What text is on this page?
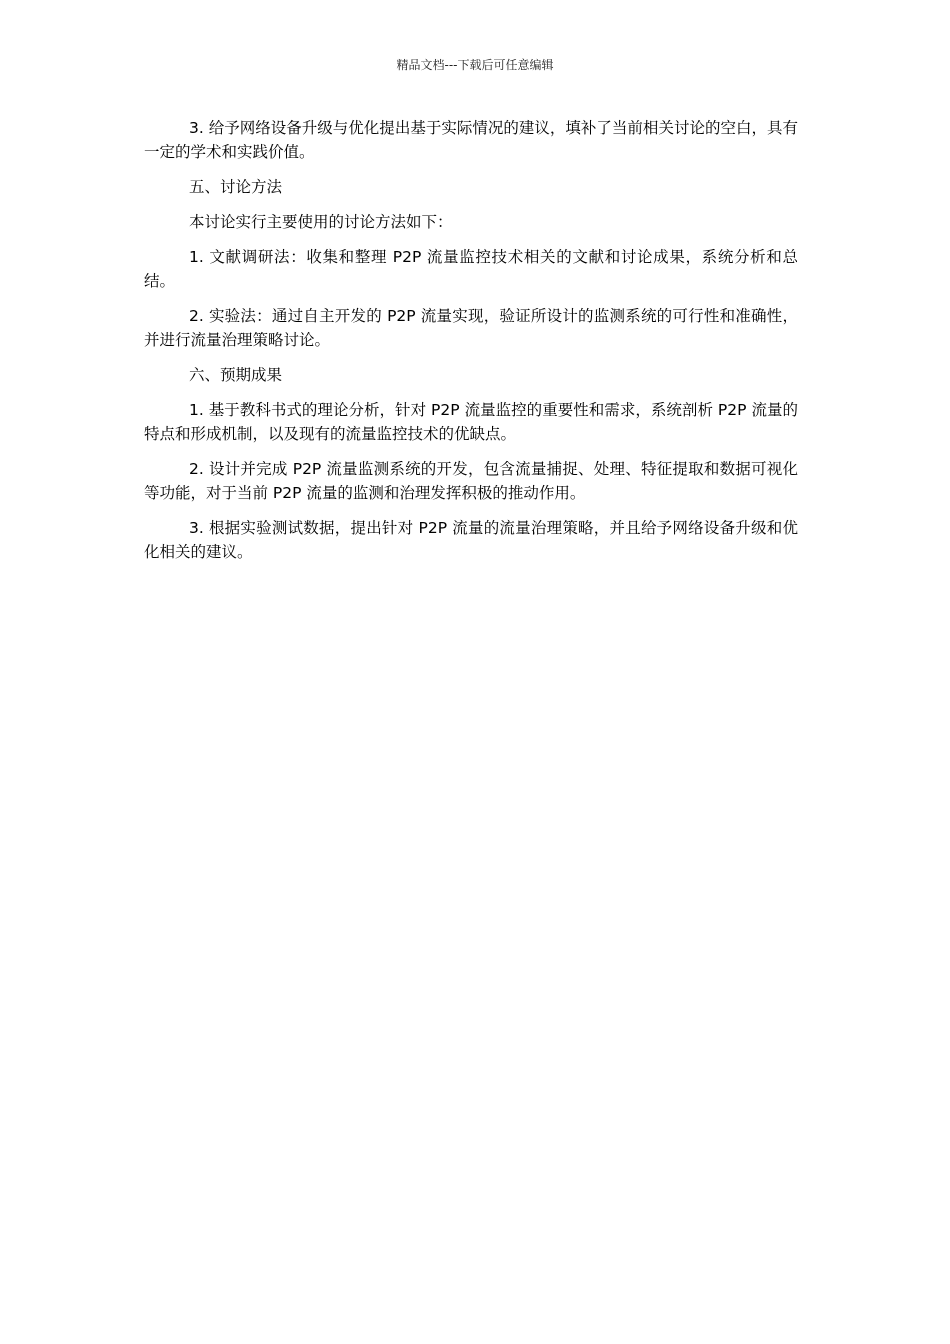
精品文档---下载后可任意编辑

3. 给予网络设备升级与优化提出基于实际情况的建议，填补了当前相关讨论的空白，具有一定的学术和实践价值。

五、讨论方法

本讨论实行主要使用的讨论方法如下：

1. 文献调研法：收集和整理 P2P 流量监控技术相关的文献和讨论成果，系统分析和总结。

2. 实验法：通过自主开发的 P2P 流量实现，验证所设计的监测系统的可行性和准确性，并进行流量治理策略讨论。

六、预期成果

1. 基于教科书式的理论分析，针对 P2P 流量监控的重要性和需求，系统剖析 P2P 流量的特点和形成机制，以及现有的流量监控技术的优缺点。

2. 设计并完成 P2P 流量监测系统的开发，包含流量捕捉、处理、特征提取和数据可视化等功能，对于当前 P2P 流量的监测和治理发挥积极的推动作用。

3. 根据实验测试数据，提出针对 P2P 流量的流量治理策略，并且给予网络设备升级和优化相关的建议。
